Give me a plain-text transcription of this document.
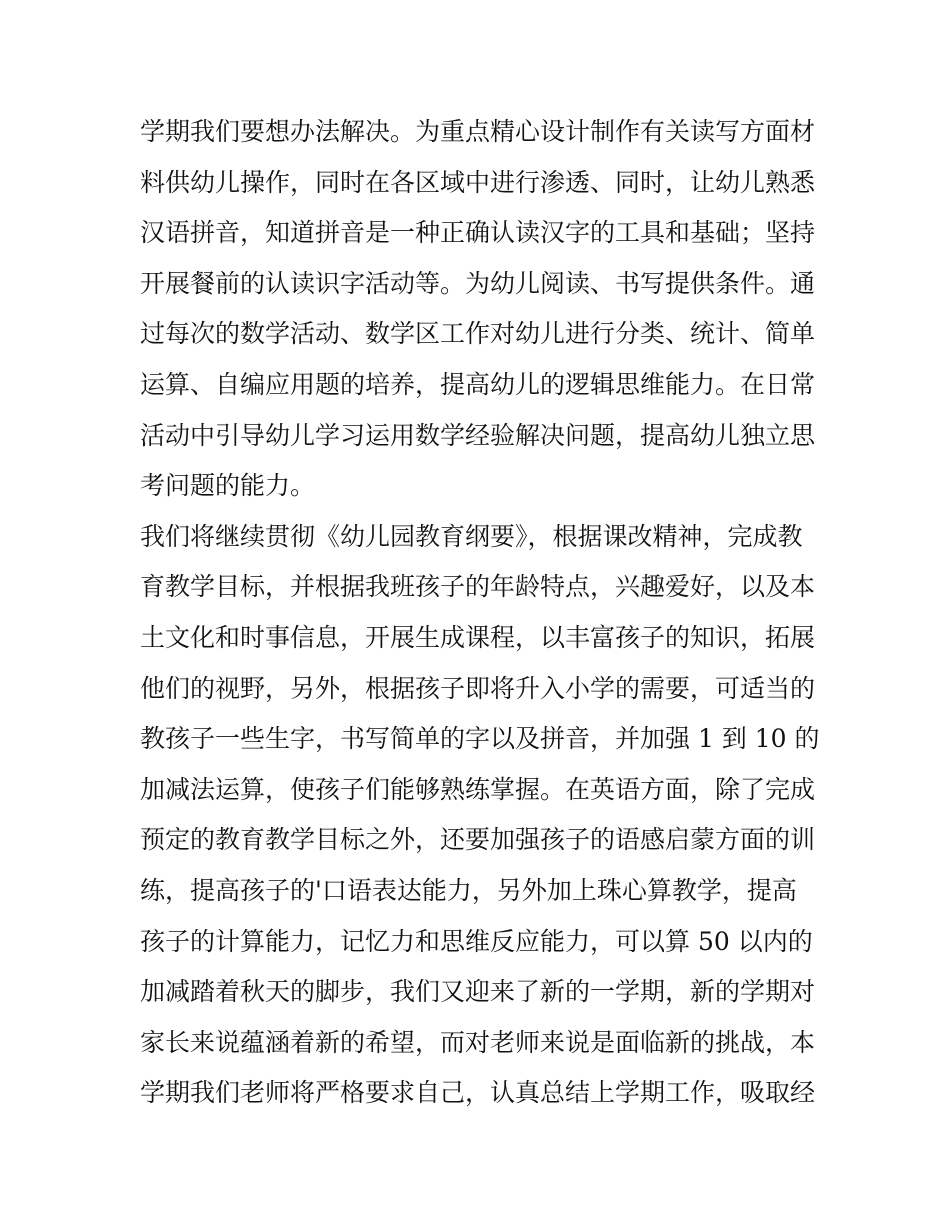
学期我们要想办法解决。为重点精心设计制作有关读写方面材
料供幼儿操作，同时在各区域中进行渗透、同时，让幼儿熟悉
汉语拼音，知道拼音是一种正确认读汉字的工具和基础；坚持
开展餐前的认读识字活动等。为幼儿阅读、书写提供条件。通
过每次的数学活动、数学区工作对幼儿进行分类、统计、简单
运算、自编应用题的培养，提高幼儿的逻辑思维能力。在日常
活动中引导幼儿学习运用数学经验解决问题，提高幼儿独立思
考问题的能力。
我们将继续贯彻《幼儿园教育纲要》，根据课改精神，完成教
育教学目标，并根据我班孩子的年龄特点，兴趣爱好，以及本
土文化和时事信息，开展生成课程，以丰富孩子的知识，拓展
他们的视野，另外，根据孩子即将升入小学的需要，可适当的
教孩子一些生字，书写简单的字以及拼音，并加强 1 到 10 的
加减法运算，使孩子们能够熟练掌握。在英语方面，除了完成
预定的教育教学目标之外，还要加强孩子的语感启蒙方面的训
练，提高孩子的'口语表达能力，另外加上珠心算教学，提高
孩子的计算能力，记忆力和思维反应能力，可以算 50 以内的
加减踏着秋天的脚步，我们又迎来了新的一学期，新的学期对
家长来说蕴涵着新的希望，而对老师来说是面临新的挑战，本
学期我们老师将严格要求自己，认真总结上学期工作，吸取经
